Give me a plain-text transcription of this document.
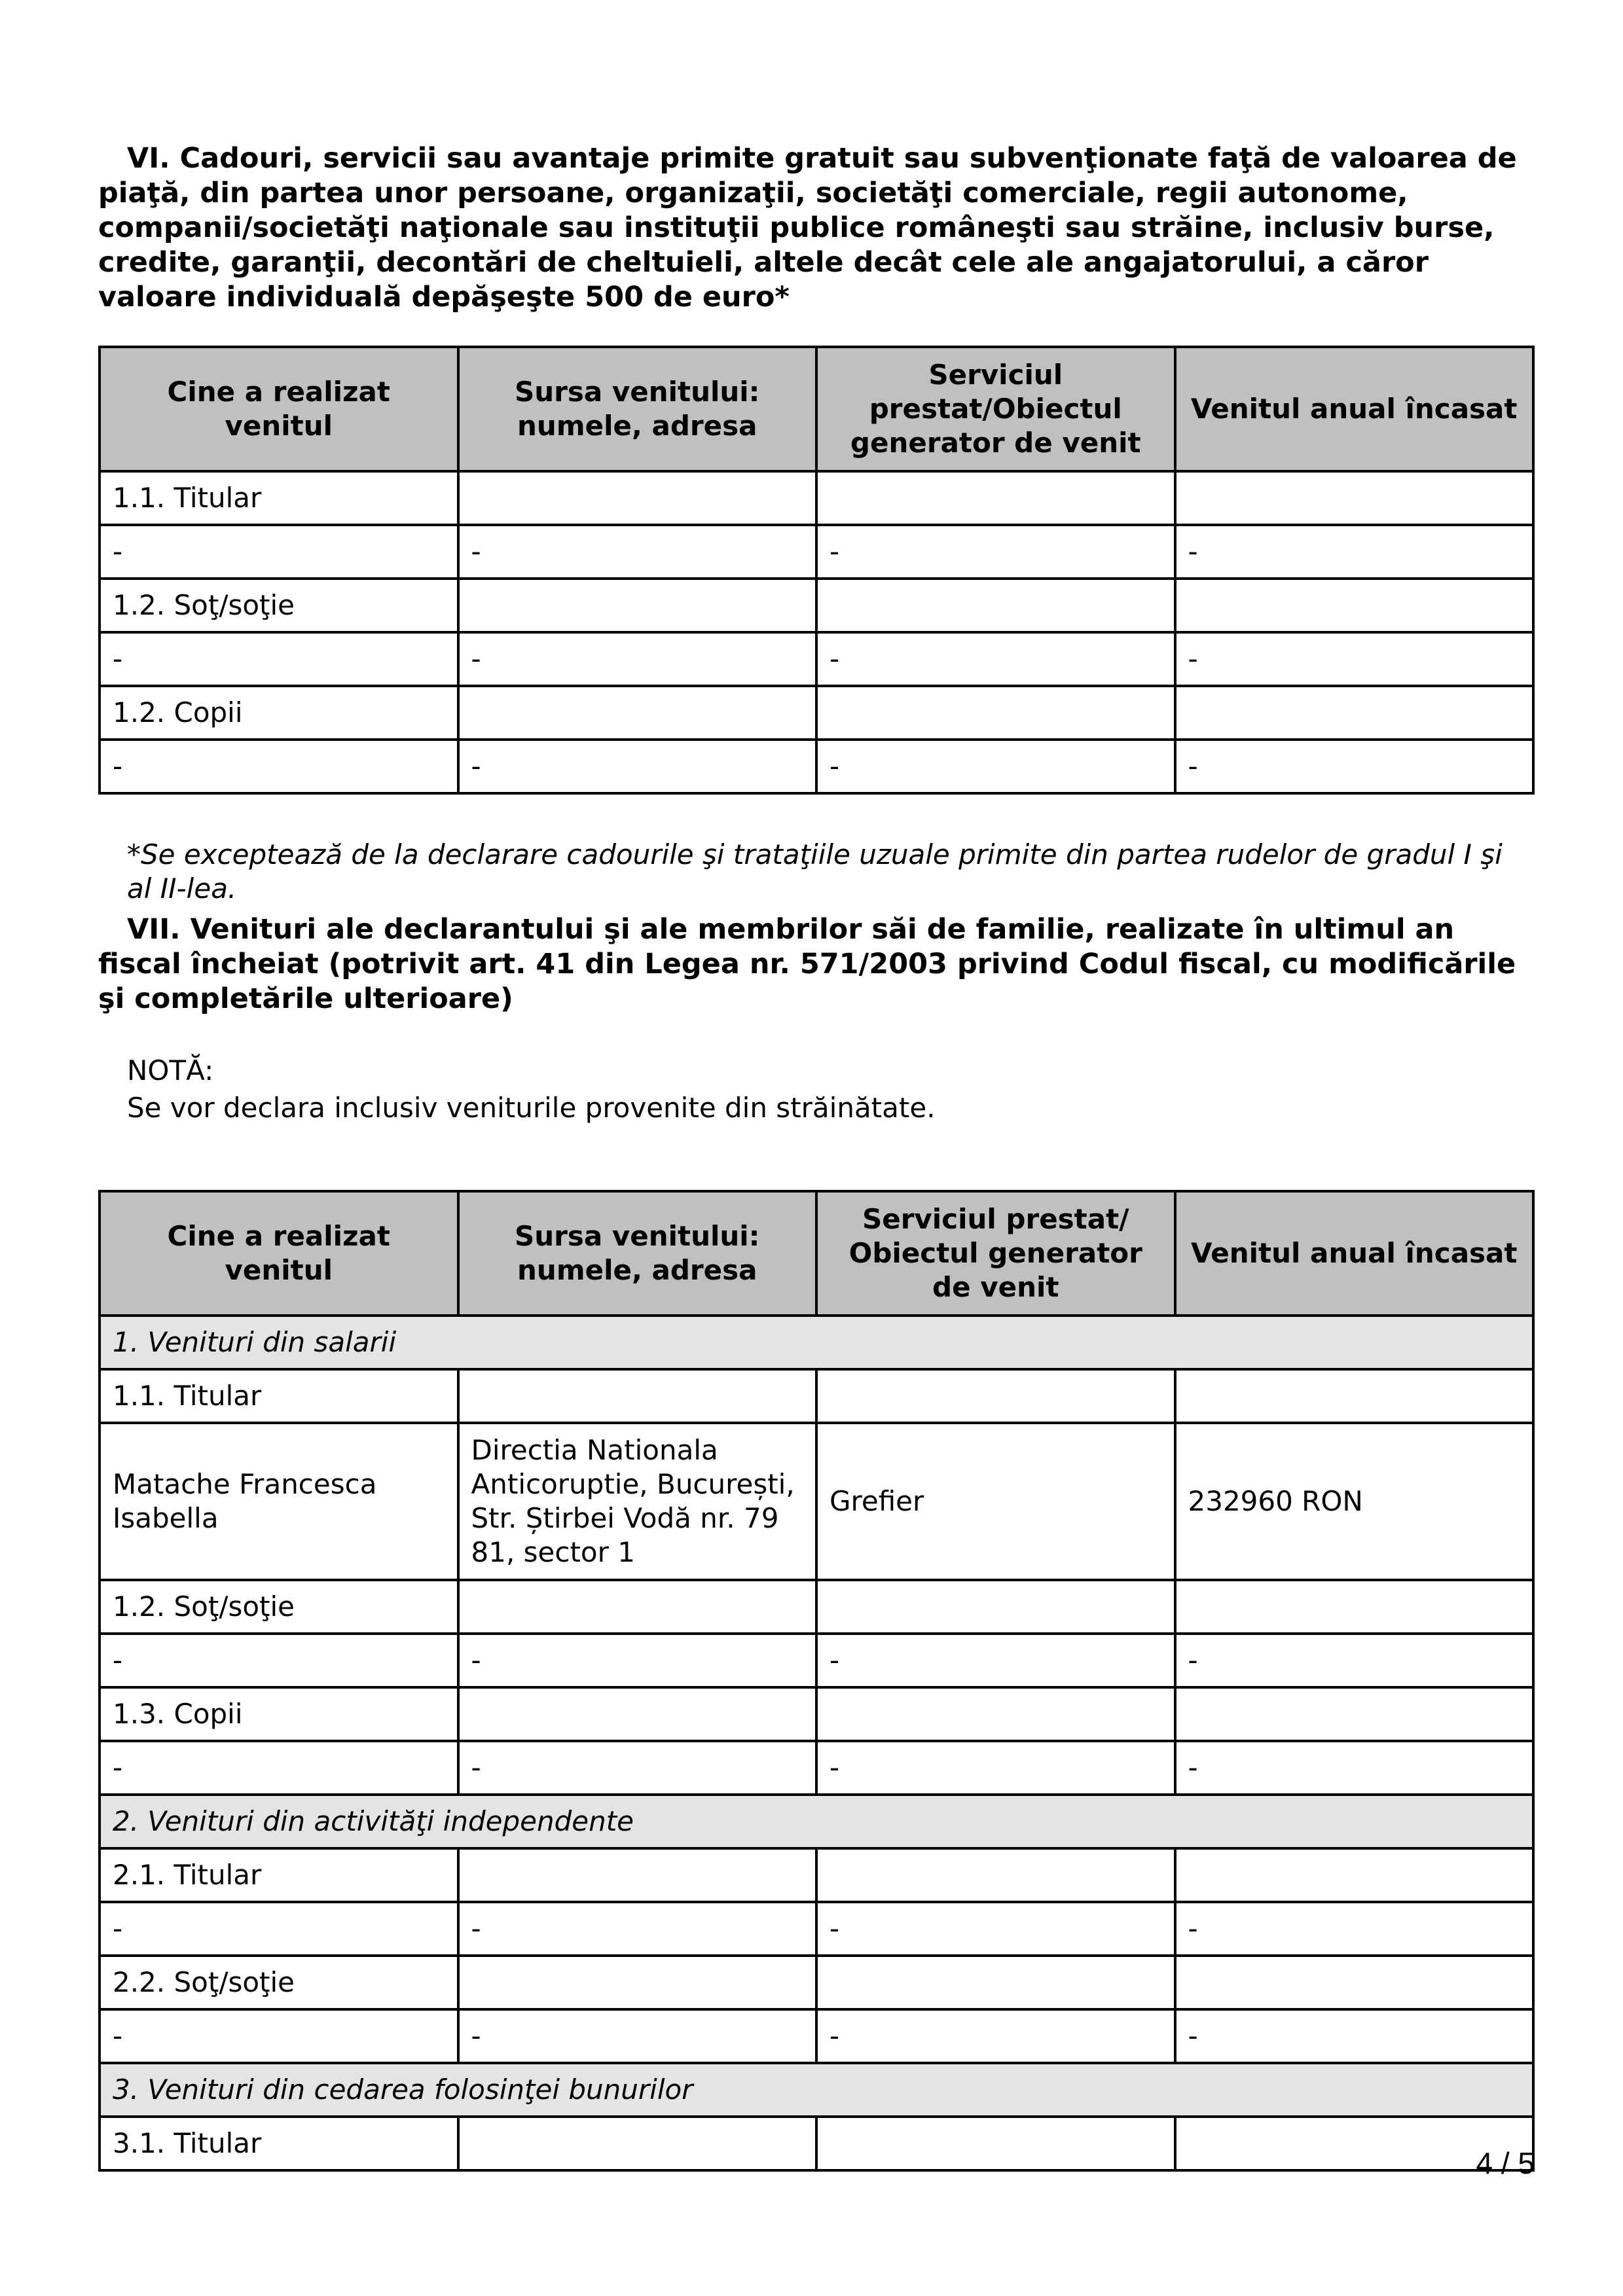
VI. Cadouri, servicii sau avantaje primite gratuit sau subvenţionate faţă de valoarea de piaţă, din partea unor persoane, organizaţii, societăţi comerciale, regii autonome, companii/societăţi naţionale sau instituţii publice româneşti sau străine, inclusiv burse, credite, garanţii, decontări de cheltuieli, altele decât cele ale angajatorului, a căror valoare individuală depăşeşte 500 de euro*

Cine a realizat venitul	Sursa venitului: numele, adresa	Serviciul prestat/Obiectul generator de venit	Venitul anual încasat
1.1. Titular			
-	-	-	-
1.2. Soţ/soţie			
-	-	-	-
1.2. Copii			
-	-	-	-

*Se exceptează de la declarare cadourile şi trataţiile uzuale primite din partea rudelor de gradul I şi al II-lea.

VII. Venituri ale declarantului şi ale membrilor săi de familie, realizate în ultimul an fiscal încheiat (potrivit art. 41 din Legea nr. 571/2003 privind Codul fiscal, cu modificările şi completările ulterioare)

NOTĂ:

Se vor declara inclusiv veniturile provenite din străinătate.

Cine a realizat venitul	Sursa venitului: numele, adresa	Serviciul prestat/ Obiectul generator de venit	Venitul anual încasat
1. Venituri din salarii			
1.1. Titular			
Matache Francesca Isabella	Directia Nationala Anticoruptie, București, Str. Știrbei Vodă nr. 79 81, sector 1	Grefier	232960 RON
1.2. Soţ/soţie			
-	-	-	-
1.3. Copii			
-	-	-	-
2. Venituri din activităţi independente			
2.1. Titular			
-	-	-	-
2.2. Soţ/soţie			
-	-	-	-
3. Venituri din cedarea folosinţei bunurilor			
3.1. Titular			
4 / 5
